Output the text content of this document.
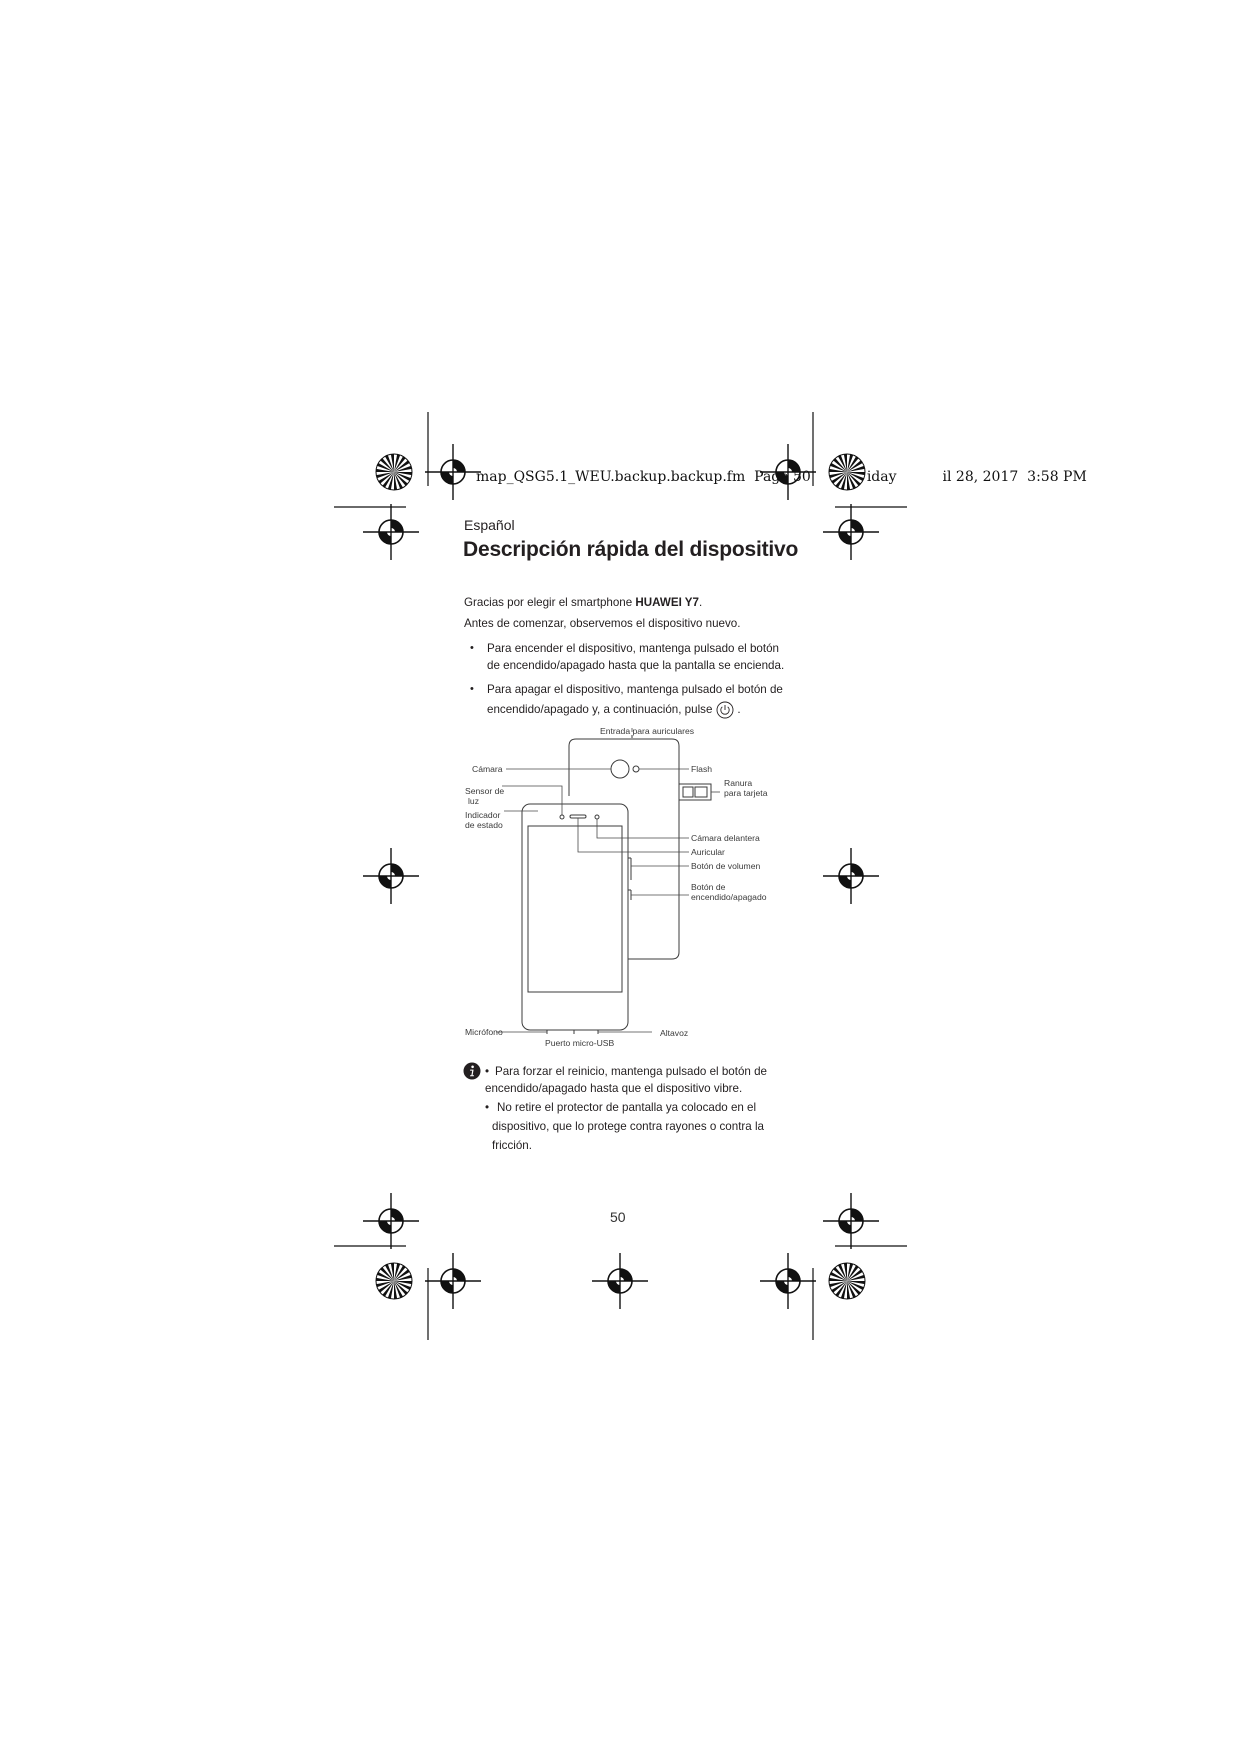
map_QSG5.1_WEU.backup.backup.fm  Page 50	iday	il 28, 2017  3:58 PM
Español
Descripción rápida del dispositivo

Gracias por elegir el smartphone HUAWEI Y7.

Antes de comenzar, observemos el dispositivo nuevo.

• Para encender el dispositivo, mantenga pulsado el botón
de encendido/apagado hasta que la pantalla se encienda.
• Para apagar el dispositivo, mantenga pulsado el botón de
encendido/apagado y, a continuación, pulse .
Entrada para auriculares
Cámara	Flash
Ranura
para tarjeta
Sensor de
luz
Indicador
de estado
Cámara delantera
Auricular
Botón de volumen
Botón de
encendido/apagado
Micrófono	Altavoz
Puerto micro-USB
• Para forzar el reinicio, mantenga pulsado el botón de
encendido/apagado hasta que el dispositivo vibre.
• No retire el protector de pantalla ya colocado en el
dispositivo, que lo protege contra rayones o contra la
fricción.
50
